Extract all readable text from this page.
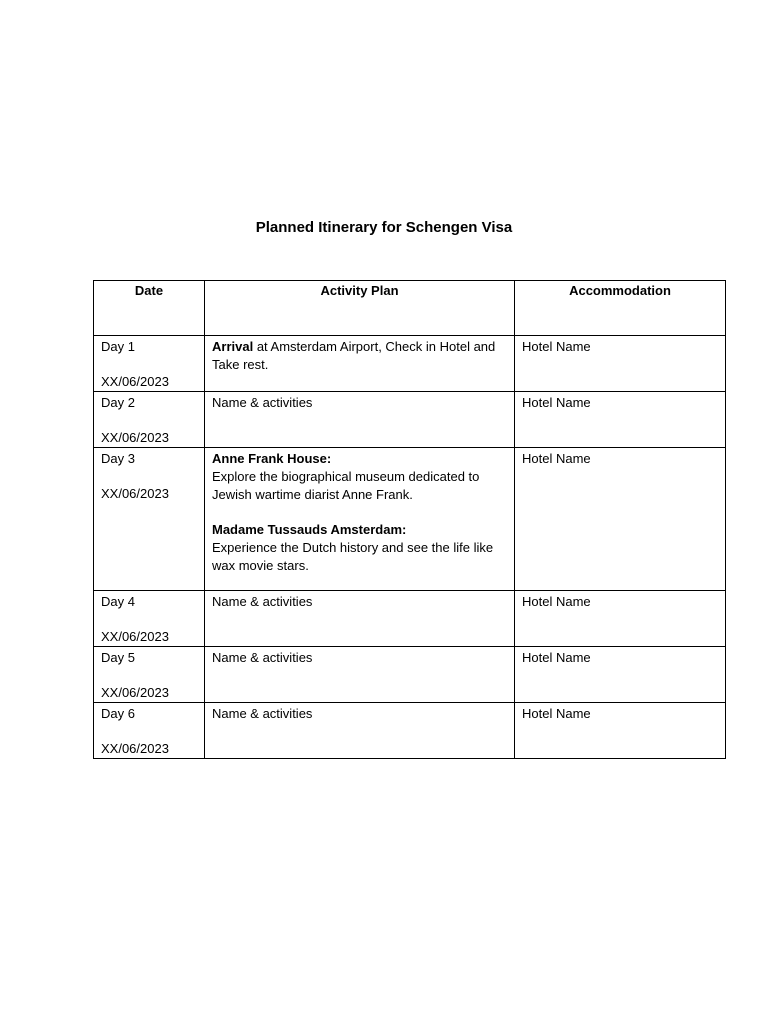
Planned Itinerary for Schengen Visa
Date	Activity Plan	Accommodation

Day 1
XX/06/2023	Arrival at Amsterdam Airport, Check in Hotel and Take rest.	Hotel Name

Day 2
XX/06/2023	Name & activities	Hotel Name

Day 3
XX/06/2023	Anne Frank House:
Explore the biographical museum dedicated to Jewish wartime diarist Anne Frank.
Madame Tussauds Amsterdam:
Experience the Dutch history and see the life like wax movie stars.	Hotel Name

Day 4
XX/06/2023	Name & activities	Hotel Name

Day 5
XX/06/2023	Name & activities	Hotel Name

Day 6
XX/06/2023	Name & activities	Hotel Name
